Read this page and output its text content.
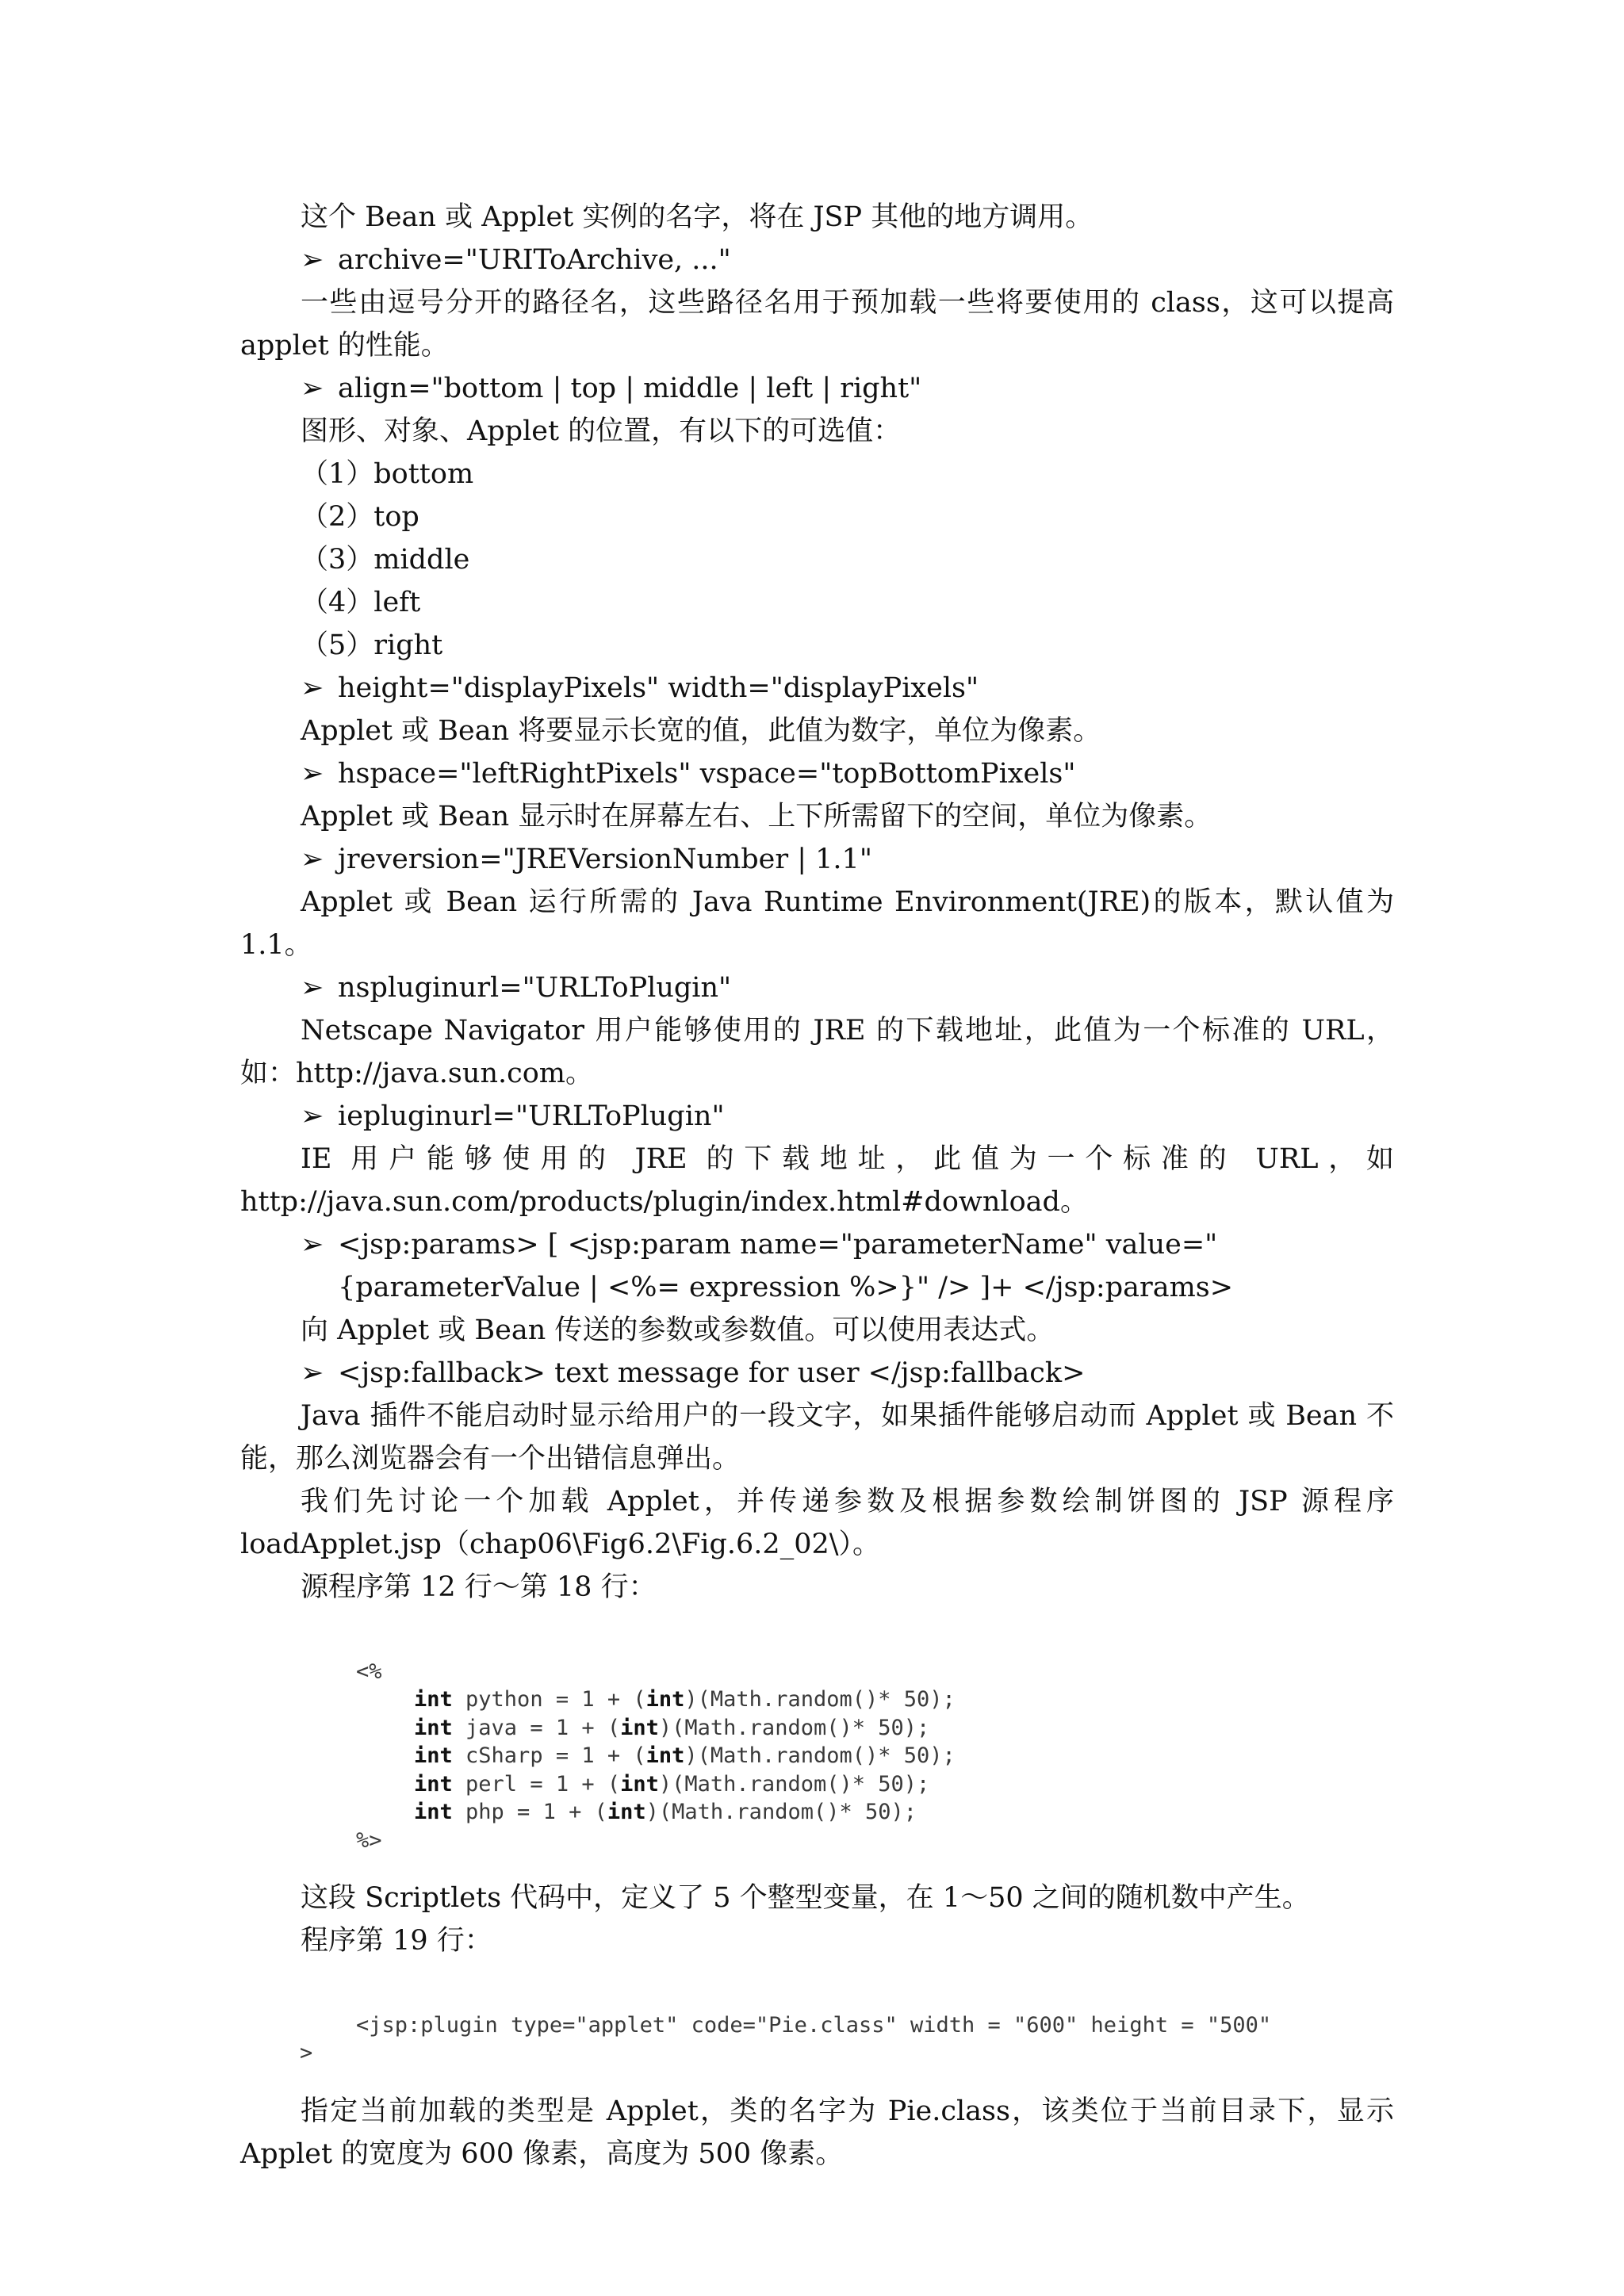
这个 Bean 或 Applet 实例的名字，将在 JSP 其他的地方调用。

➢ archive="URIToArchive, ..."

一些由逗号分开的路径名，这些路径名用于预加载一些将要使用的 class，这可以提高 applet 的性能。

➢ align="bottom | top | middle | left | right"

图形、对象、Applet 的位置，有以下的可选值：

（1）bottom

（2）top

（3）middle

（4）left

（5）right

➢ height="displayPixels" width="displayPixels"

Applet 或 Bean 将要显示长宽的值，此值为数字，单位为像素。

➢ hspace="leftRightPixels" vspace="topBottomPixels"

Applet 或 Bean 显示时在屏幕左右、上下所需留下的空间，单位为像素。

➢ jreversion="JREVersionNumber | 1.1"

Applet 或 Bean 运行所需的 Java Runtime Environment(JRE)的版本，默认值为 1.1。

➢ nspluginurl="URLToPlugin"

Netscape Navigator 用户能够使用的 JRE 的下载地址，此值为一个标准的 URL，如：http://java.sun.com。

➢ iepluginurl="URLToPlugin"

IE 用户能够使用的 JRE 的下载地址，此值为一个标准的 URL，如 http://java.sun.com/products/plugin/index.html#download。

➢ <jsp:params> [ <jsp:param name="parameterName" value="{parameterValue | <%= expression %>}" /> ]+ </jsp:params>

向 Applet 或 Bean 传送的参数或参数值。可以使用表达式。

➢ <jsp:fallback> text message for user </jsp:fallback>

Java 插件不能启动时显示给用户的一段文字，如果插件能够启动而 Applet 或 Bean 不能，那么浏览器会有一个出错信息弹出。

我们先讨论一个加载 Applet，并传递参数及根据参数绘制饼图的 JSP 源程序 loadApplet.jsp（chap06\Fig6.2\Fig.6.2_02\）。

源程序第 12 行～第 18 行：

<%
int python = 1 + (int)(Math.random()* 50);
int java = 1 + (int)(Math.random()* 50);
int cSharp = 1 + (int)(Math.random()* 50);
int perl = 1 + (int)(Math.random()* 50);
int php = 1 + (int)(Math.random()* 50);
%>

这段 Scriptlets 代码中，定义了 5 个整型变量，在 1～50 之间的随机数中产生。

程序第 19 行：

<jsp:plugin type="applet" code="Pie.class" width = "600" height = "500"
>

指定当前加载的类型是 Applet，类的名字为 Pie.class，该类位于当前目录下，显示 Applet 的宽度为 600 像素，高度为 500 像素。
